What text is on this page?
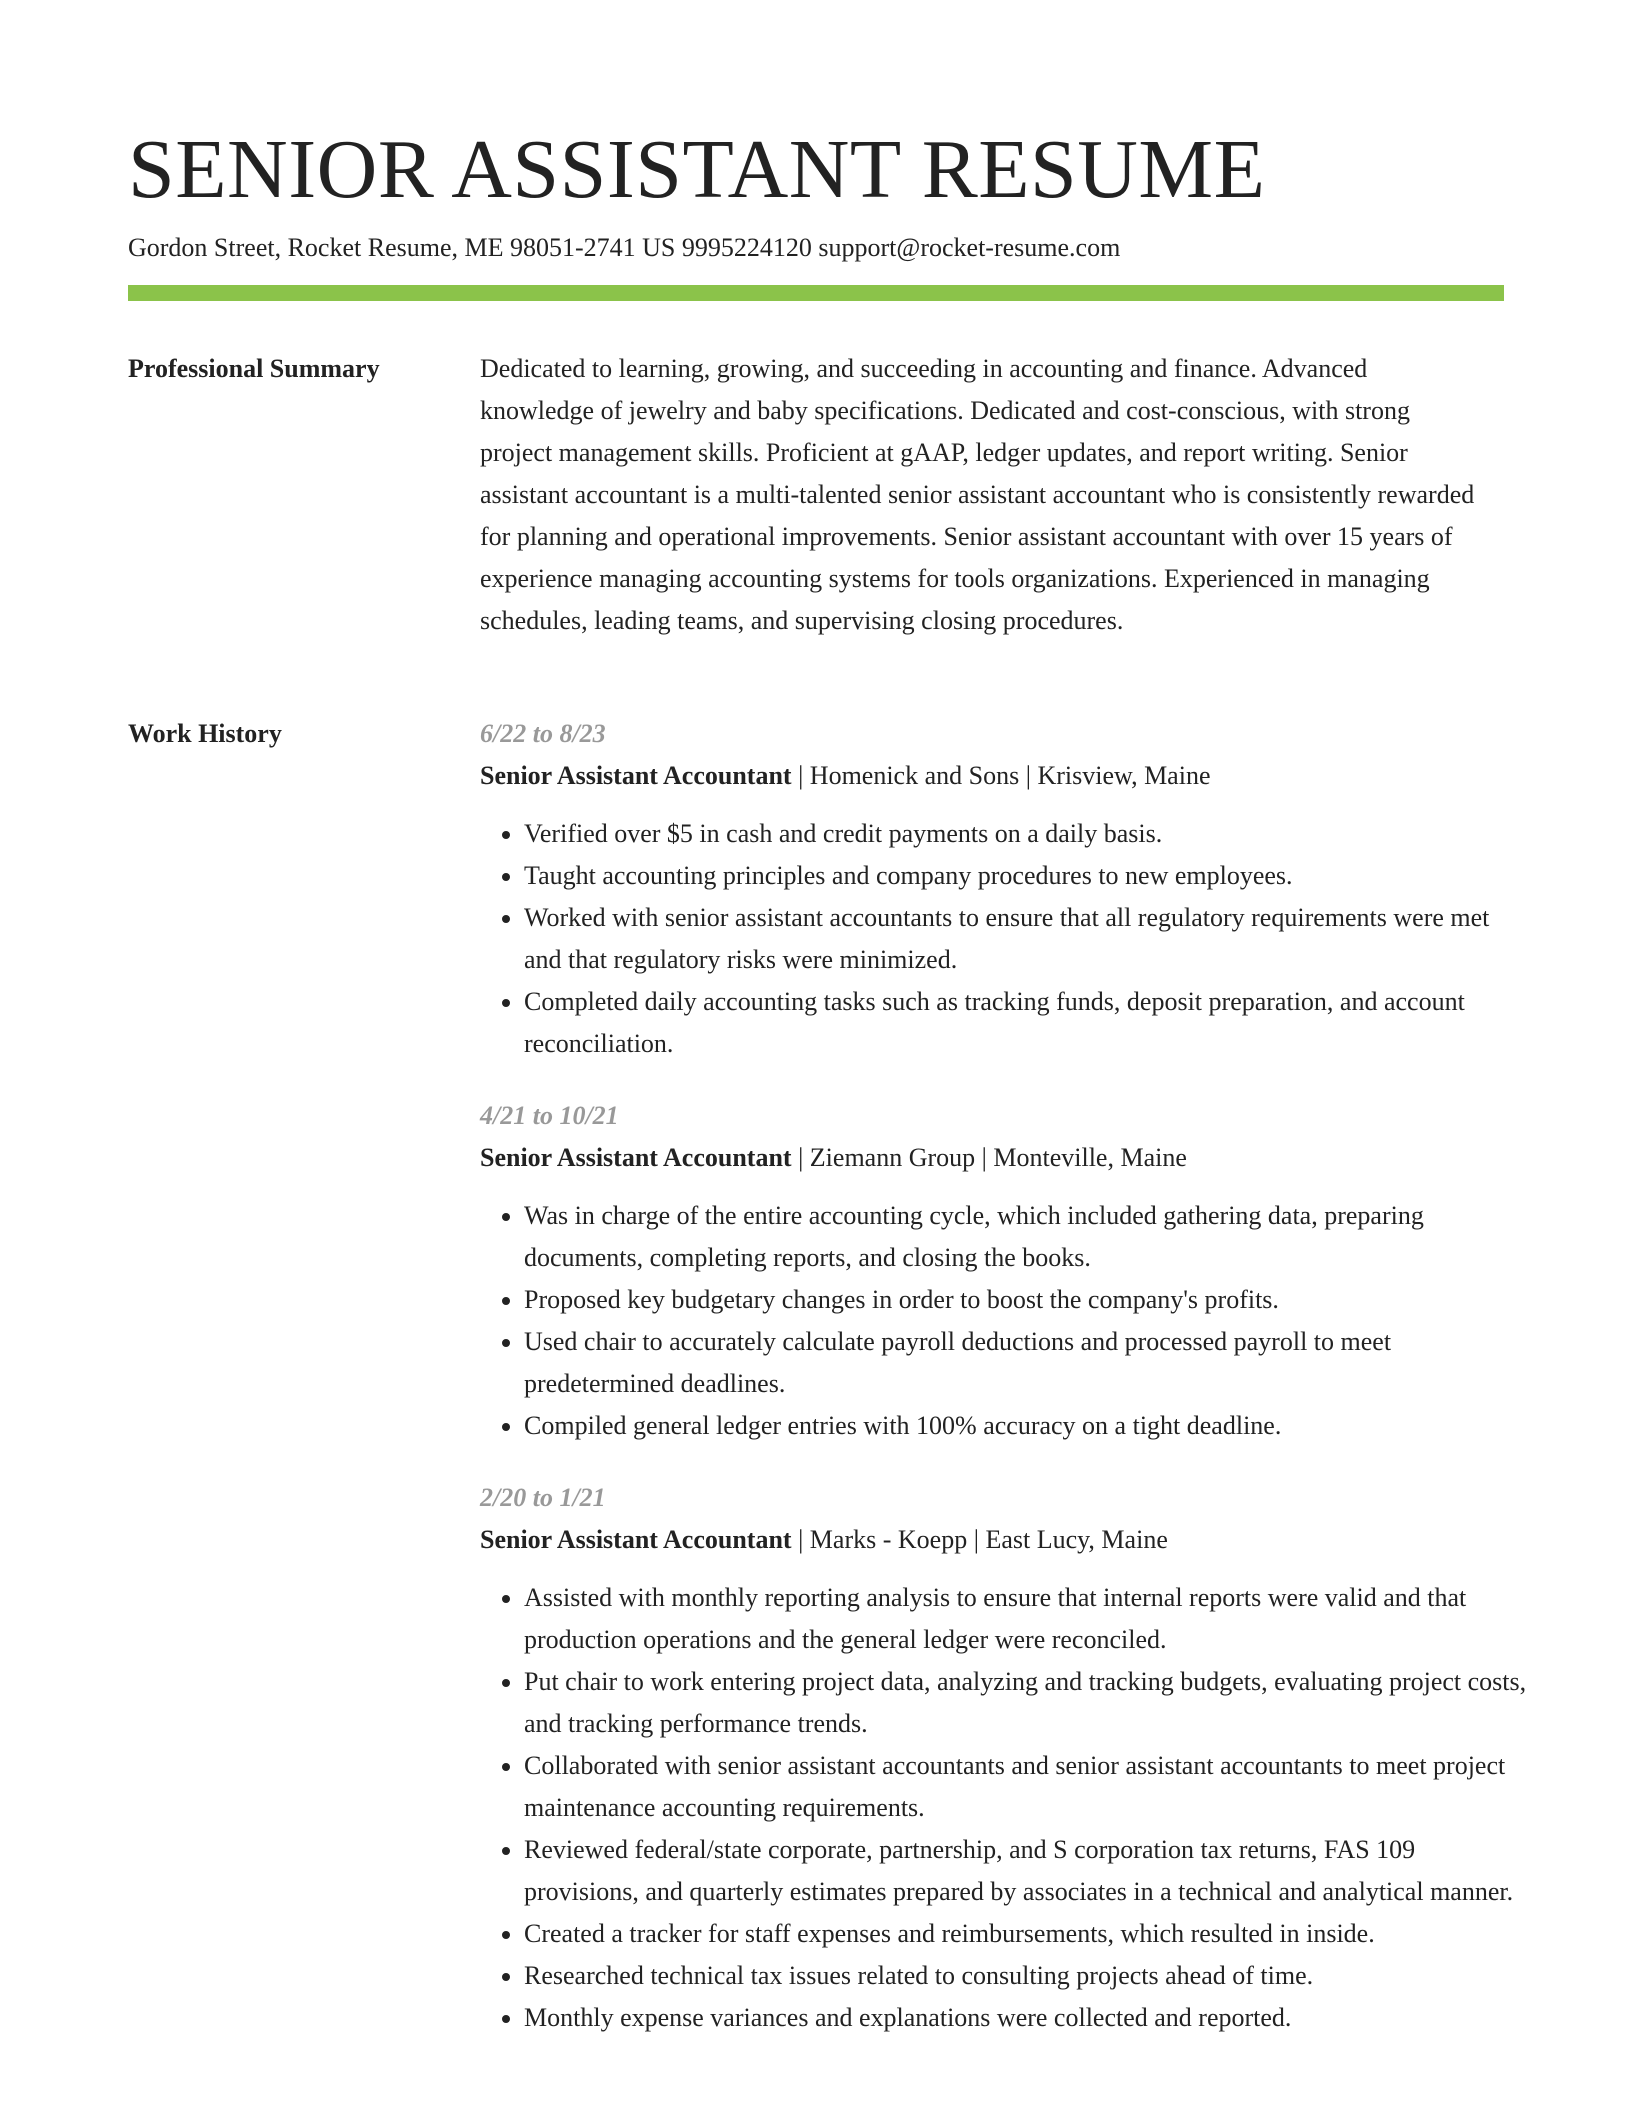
SENIOR ASSISTANT RESUME
Gordon Street, Rocket Resume, ME 98051-2741 US 9995224120 support@rocket-resume.com
Professional Summary	Dedicated to learning, growing, and succeeding in accounting and finance. Advanced knowledge of jewelry and baby specifications. Dedicated and cost-conscious, with strong project management skills. Proficient at gAAP, ledger updates, and report writing. Senior assistant accountant is a multi-talented senior assistant accountant who is consistently rewarded for planning and operational improvements. Senior assistant accountant with over 15 years of experience managing accounting systems for tools organizations. Experienced in managing schedules, leading teams, and supervising closing procedures.

Work History	6/22 to 8/23
Senior Assistant Accountant | Homenick and Sons | Krisview, Maine
• Verified over $5 in cash and credit payments on a daily basis.
• Taught accounting principles and company procedures to new employees.
• Worked with senior assistant accountants to ensure that all regulatory requirements were met and that regulatory risks were minimized.
• Completed daily accounting tasks such as tracking funds, deposit preparation, and account reconciliation.
4/21 to 10/21
Senior Assistant Accountant | Ziemann Group | Monteville, Maine
• Was in charge of the entire accounting cycle, which included gathering data, preparing documents, completing reports, and closing the books.
• Proposed key budgetary changes in order to boost the company's profits.
• Used chair to accurately calculate payroll deductions and processed payroll to meet predetermined deadlines.
• Compiled general ledger entries with 100% accuracy on a tight deadline.
2/20 to 1/21
Senior Assistant Accountant | Marks - Koepp | East Lucy, Maine
• Assisted with monthly reporting analysis to ensure that internal reports were valid and that production operations and the general ledger were reconciled.
• Put chair to work entering project data, analyzing and tracking budgets, evaluating project costs, and tracking performance trends.
• Collaborated with senior assistant accountants and senior assistant accountants to meet project maintenance accounting requirements.
• Reviewed federal/state corporate, partnership, and S corporation tax returns, FAS 109 provisions, and quarterly estimates prepared by associates in a technical and analytical manner.
• Created a tracker for staff expenses and reimbursements, which resulted in inside.
• Researched technical tax issues related to consulting projects ahead of time.
• Monthly expense variances and explanations were collected and reported.
